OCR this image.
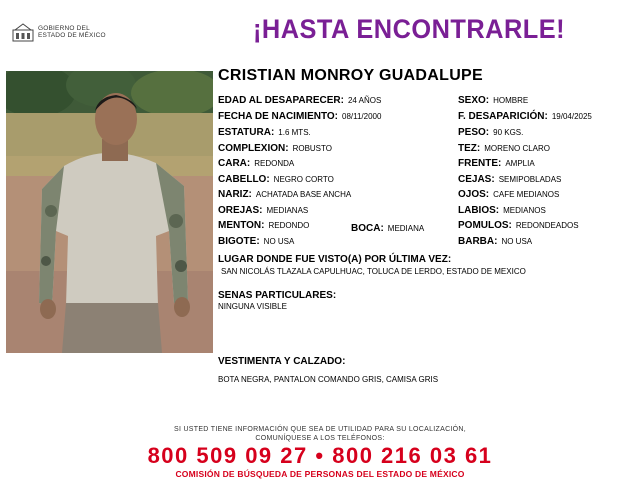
GOBIERNO DEL
ESTADO DE MÉXICO	¡HASTA ENCONTRARLE!
CRISTIAN MONROY GUADALUPE
EDAD AL DESAPARECER: 24 AÑOS
FECHA DE NACIMIENTO: 08/11/2000
ESTATURA: 1.6 MTS.
COMPLEXION: ROBUSTO
CARA: REDONDA
CABELLO: NEGRO CORTO
NARIZ: ACHATADA BASE ANCHA
OREJAS: MEDIANAS
MENTON: REDONDO	BOCA: MEDIANA
BIGOTE: NO USA
SEXO: HOMBRE
F. DESAPARICIÓN: 19/04/2025
PESO: 90 KGS.
TEZ: MORENO CLARO
FRENTE: AMPLIA
CEJAS: SEMIPOBLADAS
OJOS: CAFE MEDIANOS
LABIOS: MEDIANOS
POMULOS: REDONDEADOS
BARBA: NO USA
LUGAR DONDE FUE VISTO(A) POR ÚLTIMA VEZ:
SAN NICOLÁS TLAZALA CAPULHUAC, TOLUCA DE LERDO, ESTADO DE MEXICO
SENAS PARTICULARES:
NINGUNA VISIBLE
VESTIMENTA Y CALZADO:
BOTA NEGRA, PANTALON COMANDO GRIS, CAMISA GRIS
SI USTED TIENE INFORMACIÓN QUE SEA DE UTILIDAD PARA SU LOCALIZACIÓN,
COMUNÍQUESE A LOS TELÉFONOS:
800 509 09 27 • 800 216 03 61
COMISIÓN DE BÚSQUEDA DE PERSONAS DEL ESTADO DE MÉXICO
